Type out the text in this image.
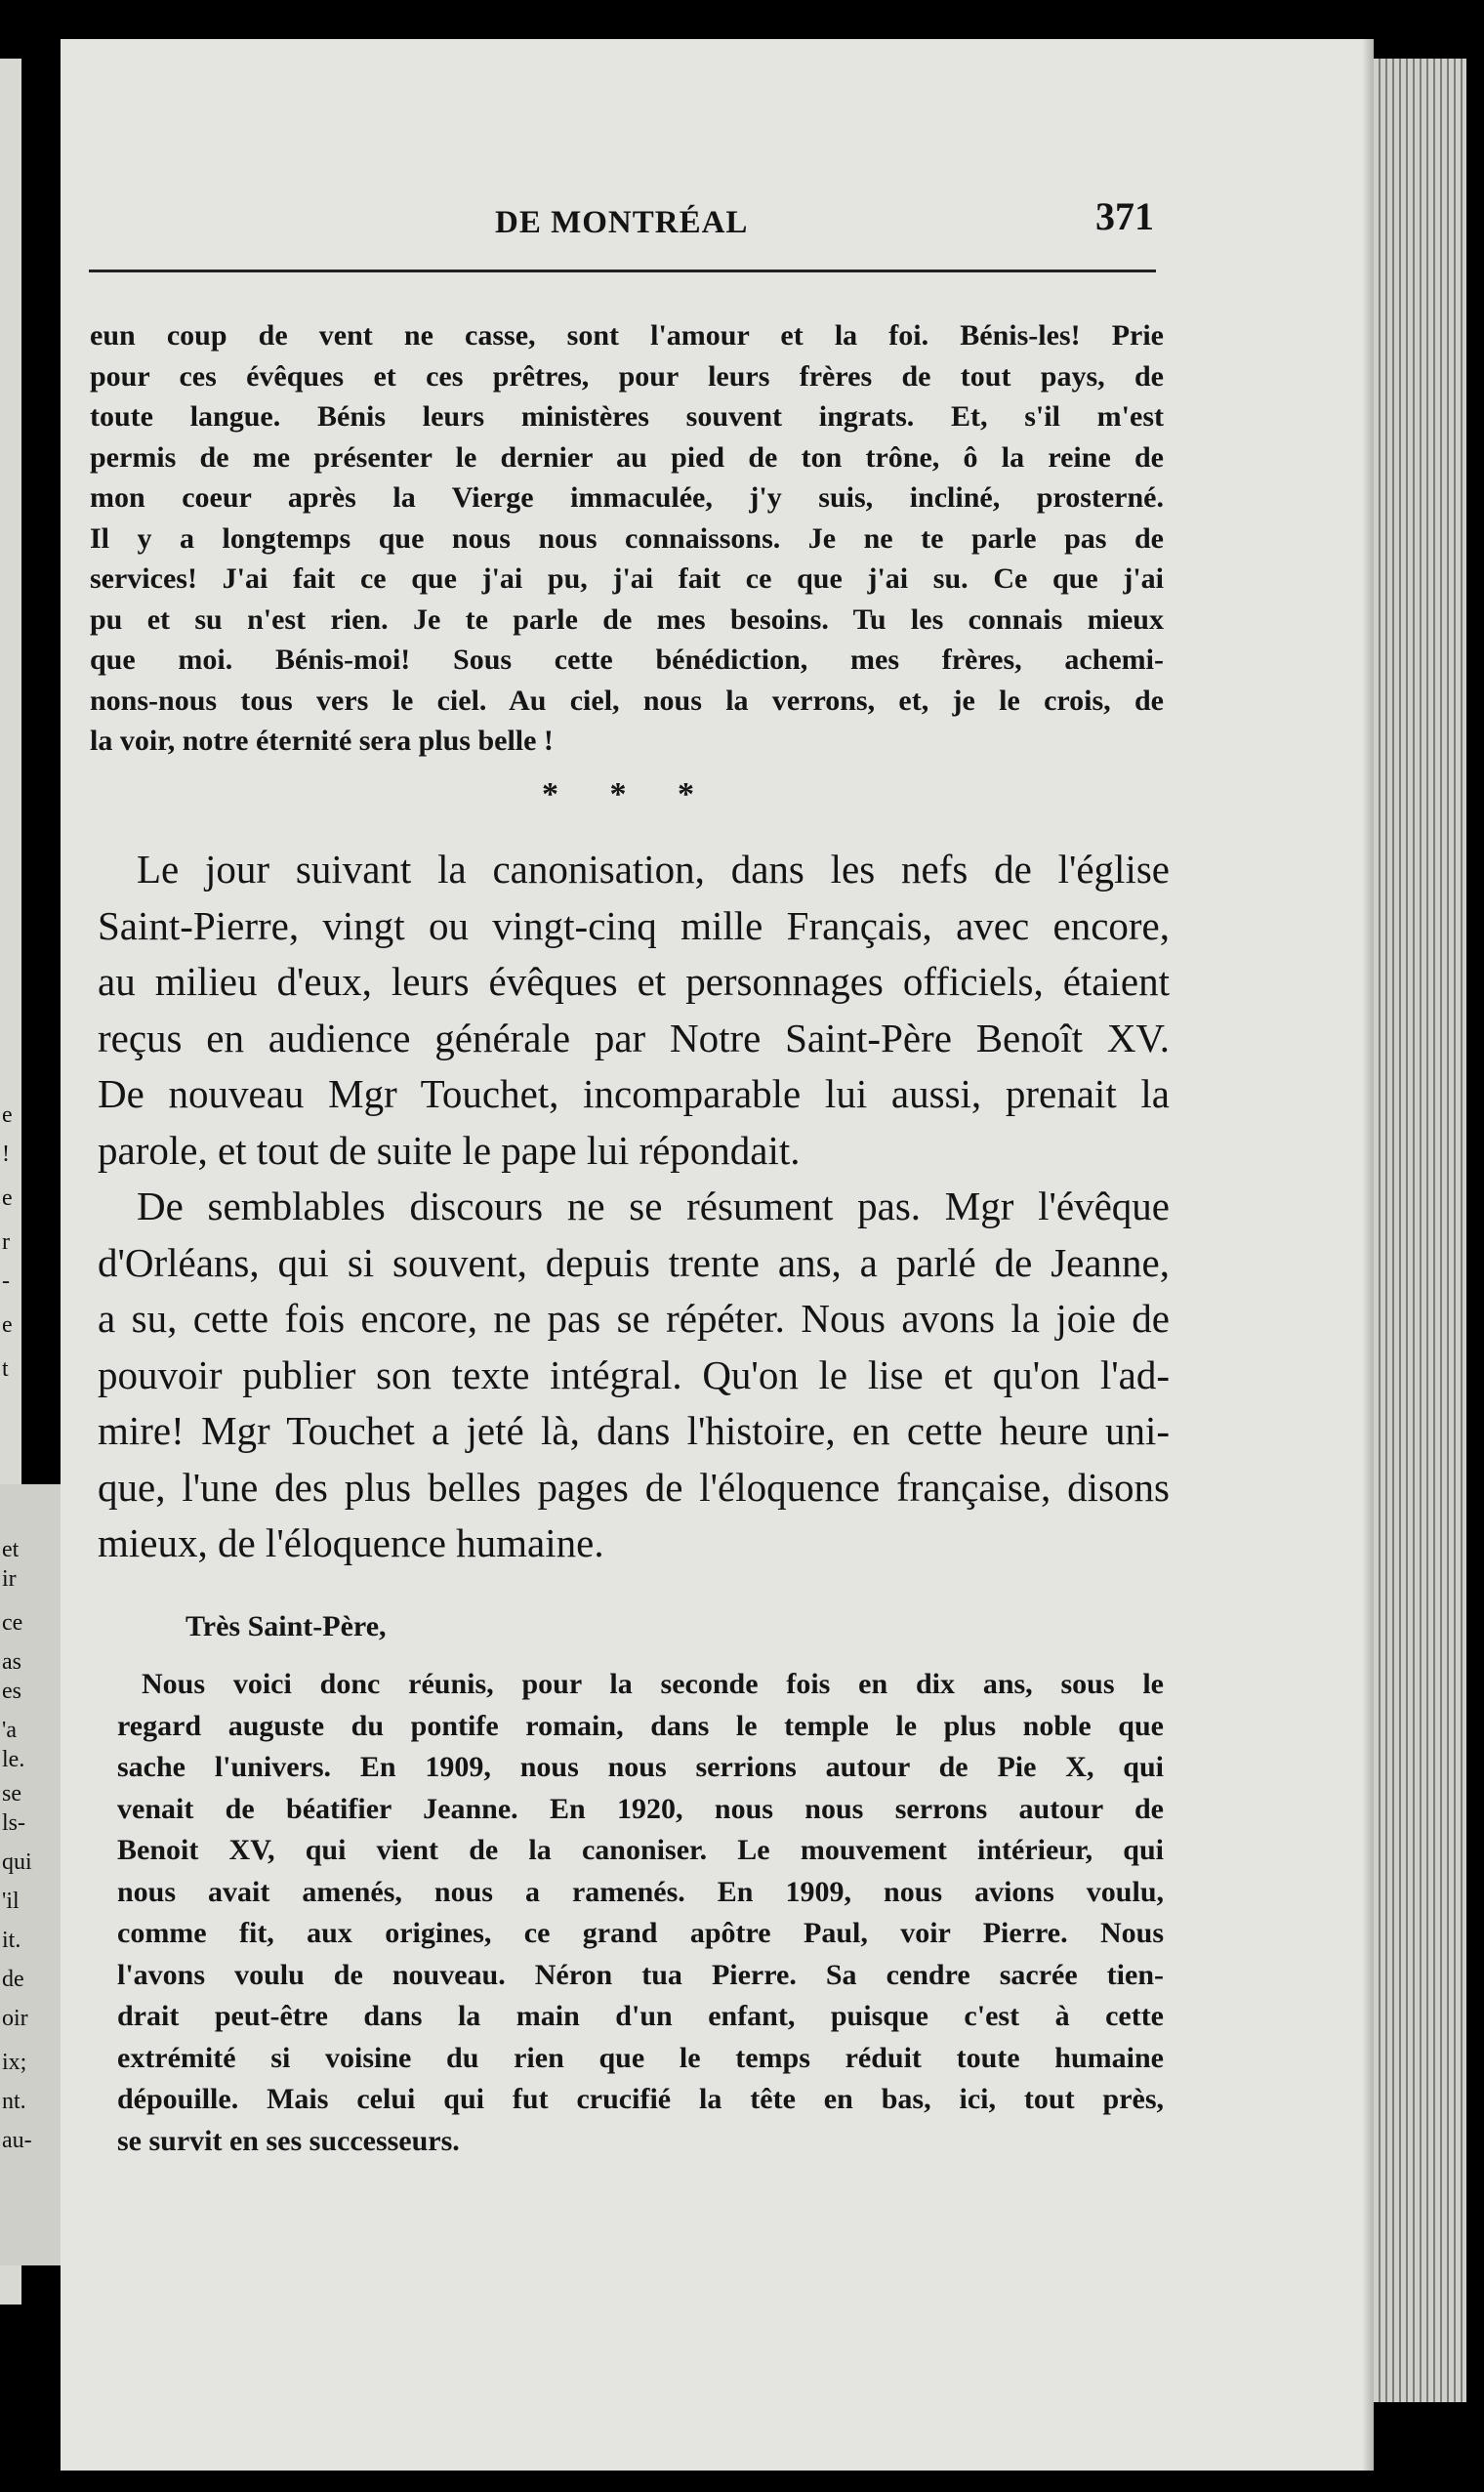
et
ir
ce
as
es
'a
le.
se
ls-
qui
'il
it.
de
oir
ix;
nt.
au-
DE MONTRÉAL	371
eun coup de vent ne casse, sont l'amour et la foi. Bénis-les! Prie
pour ces évêques et ces prêtres, pour leurs frères de tout pays, de
toute langue. Bénis leurs ministères souvent ingrats. Et, s'il m'est
permis de me présenter le dernier au pied de ton trône, ô la reine de
mon coeur après la Vierge immaculée, j'y suis, incliné, prosterné.
Il y a longtemps que nous nous connaissons. Je ne te parle pas de
services! J'ai fait ce que j'ai pu, j'ai fait ce que j'ai su. Ce que j'ai
pu et su n'est rien. Je te parle de mes besoins. Tu les connais mieux
que moi. Bénis-moi! Sous cette bénédiction, mes frères, achemi-
nons-nous tous vers le ciel. Au ciel, nous la verrons, et, je le crois, de
la voir, notre éternité sera plus belle !
* * *
Le jour suivant la canonisation, dans les nefs de l'église
Saint-Pierre, vingt ou vingt-cinq mille Français, avec encore,
au milieu d'eux, leurs évêques et personnages officiels, étaient
reçus en audience générale par Notre Saint-Père Benoît XV.
De nouveau Mgr Touchet, incomparable lui aussi, prenait la
parole, et tout de suite le pape lui répondait.
De semblables discours ne se résument pas. Mgr l'évêque
d'Orléans, qui si souvent, depuis trente ans, a parlé de Jeanne,
a su, cette fois encore, ne pas se répéter. Nous avons la joie de
pouvoir publier son texte intégral. Qu'on le lise et qu'on l'ad-
mire! Mgr Touchet a jeté là, dans l'histoire, en cette heure uni-
que, l'une des plus belles pages de l'éloquence française, disons
mieux, de l'éloquence humaine.
Très Saint-Père,
Nous voici donc réunis, pour la seconde fois en dix ans, sous le
regard auguste du pontife romain, dans le temple le plus noble que
sache l'univers. En 1909, nous nous serrions autour de Pie X, qui
venait de béatifier Jeanne. En 1920, nous nous serrons autour de
Benoit XV, qui vient de la canoniser. Le mouvement intérieur, qui
nous avait amenés, nous a ramenés. En 1909, nous avions voulu,
comme fit, aux origines, ce grand apôtre Paul, voir Pierre. Nous
l'avons voulu de nouveau. Néron tua Pierre. Sa cendre sacrée tien-
drait peut-être dans la main d'un enfant, puisque c'est à cette
extrémité si voisine du rien que le temps réduit toute humaine
dépouille. Mais celui qui fut crucifié la tête en bas, ici, tout près,
se survit en ses successeurs.
e
!
e
r
-
e
t
